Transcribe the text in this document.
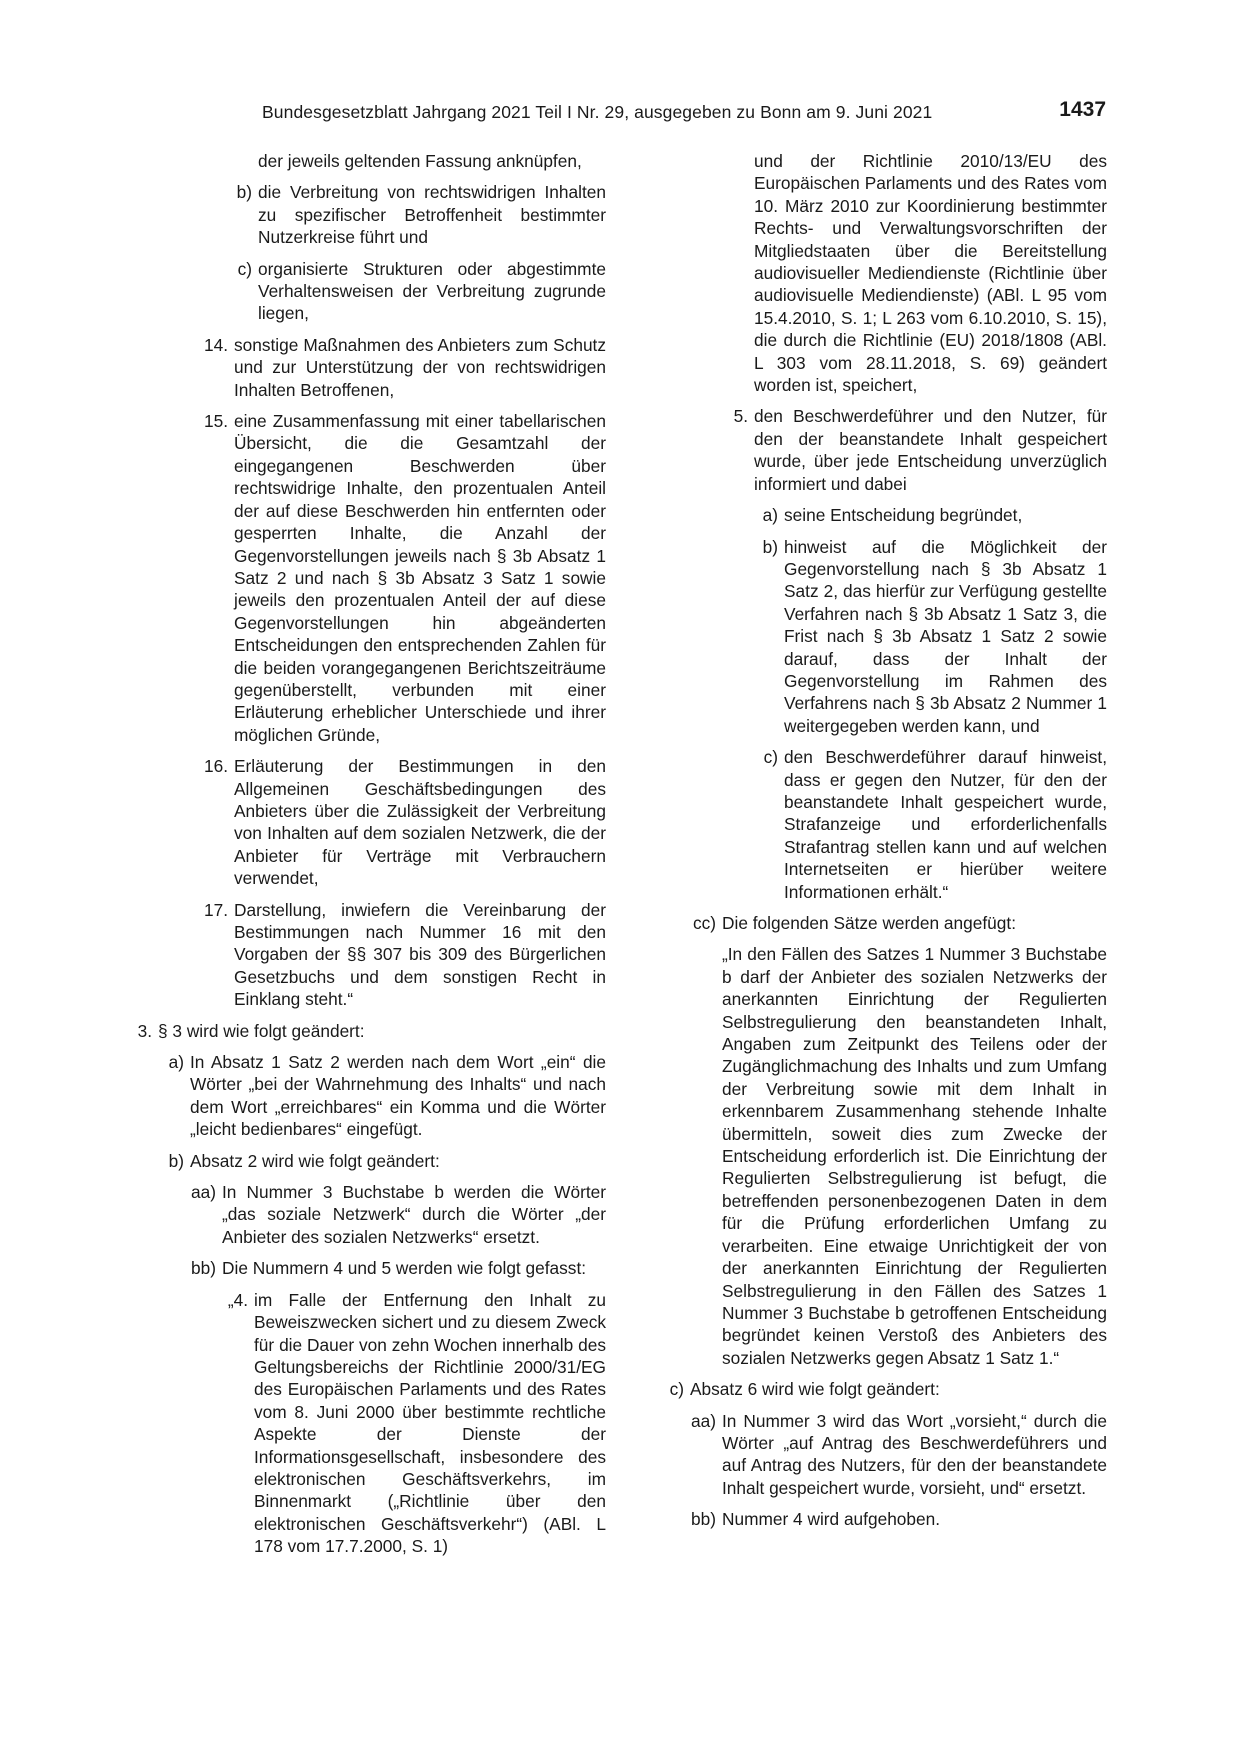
Bundesgesetzblatt Jahrgang 2021 Teil I Nr. 29, ausgegeben zu Bonn am 9. Juni 2021	1437
der jeweils geltenden Fassung anknüpfen,
b) die Verbreitung von rechtswidrigen Inhalten zu spezifischer Betroffenheit bestimmter Nutzerkreise führt und
c) organisierte Strukturen oder abgestimmte Verhaltensweisen der Verbreitung zugrunde liegen,
14. sonstige Maßnahmen des Anbieters zum Schutz und zur Unterstützung der von rechtswidrigen Inhalten Betroffenen,
15. eine Zusammenfassung mit einer tabellarischen Übersicht, die die Gesamtzahl der eingegangenen Beschwerden über rechtswidrige Inhalte, den prozentualen Anteil der auf diese Beschwerden hin entfernten oder gesperrten Inhalte, die Anzahl der Gegenvorstellungen jeweils nach § 3b Absatz 1 Satz 2 und nach § 3b Absatz 3 Satz 1 sowie jeweils den prozentualen Anteil der auf diese Gegenvorstellungen hin abgeänderten Entscheidungen den entsprechenden Zahlen für die beiden vorangegangenen Berichtszeiträume gegenüberstellt, verbunden mit einer Erläuterung erheblicher Unterschiede und ihrer möglichen Gründe,
16. Erläuterung der Bestimmungen in den Allgemeinen Geschäftsbedingungen des Anbieters über die Zulässigkeit der Verbreitung von Inhalten auf dem sozialen Netzwerk, die der Anbieter für Verträge mit Verbrauchern verwendet,
17. Darstellung, inwiefern die Vereinbarung der Bestimmungen nach Nummer 16 mit den Vorgaben der §§ 307 bis 309 des Bürgerlichen Gesetzbuchs und dem sonstigen Recht in Einklang steht.“
3. § 3 wird wie folgt geändert:
a) In Absatz 1 Satz 2 werden nach dem Wort „ein“ die Wörter „bei der Wahrnehmung des Inhalts“ und nach dem Wort „erreichbares“ ein Komma und die Wörter „leicht bedienbares“ eingefügt.
b) Absatz 2 wird wie folgt geändert:
aa) In Nummer 3 Buchstabe b werden die Wörter „das soziale Netzwerk“ durch die Wörter „der Anbieter des sozialen Netzwerks“ ersetzt.
bb) Die Nummern 4 und 5 werden wie folgt gefasst:
„4. im Falle der Entfernung den Inhalt zu Beweiszwecken sichert und zu diesem Zweck für die Dauer von zehn Wochen innerhalb des Geltungsbereichs der Richtlinie 2000/31/EG des Europäischen Parlaments und des Rates vom 8. Juni 2000 über bestimmte rechtliche Aspekte der Dienste der Informationsgesellschaft, insbesondere des elektronischen Geschäftsverkehrs, im Binnenmarkt („Richtlinie über den elektronischen Geschäftsverkehr“) (ABl. L 178 vom 17.7.2000, S. 1)
und der Richtlinie 2010/13/EU des Europäischen Parlaments und des Rates vom 10. März 2010 zur Koordinierung bestimmter Rechts- und Verwaltungsvorschriften der Mitgliedstaaten über die Bereitstellung audiovisueller Mediendienste (Richtlinie über audiovisuelle Mediendienste) (ABl. L 95 vom 15.4.2010, S. 1; L 263 vom 6.10.2010, S. 15), die durch die Richtlinie (EU) 2018/1808 (ABl. L 303 vom 28.11.2018, S. 69) geändert worden ist, speichert,
5. den Beschwerdeführer und den Nutzer, für den der beanstandete Inhalt gespeichert wurde, über jede Entscheidung unverzüglich informiert und dabei
a) seine Entscheidung begründet,
b) hinweist auf die Möglichkeit der Gegenvorstellung nach § 3b Absatz 1 Satz 2, das hierfür zur Verfügung gestellte Verfahren nach § 3b Absatz 1 Satz 3, die Frist nach § 3b Absatz 1 Satz 2 sowie darauf, dass der Inhalt der Gegenvorstellung im Rahmen des Verfahrens nach § 3b Absatz 2 Nummer 1 weitergegeben werden kann, und
c) den Beschwerdeführer darauf hinweist, dass er gegen den Nutzer, für den der beanstandete Inhalt gespeichert wurde, Strafanzeige und erforderlichenfalls Strafantrag stellen kann und auf welchen Internetseiten er hierüber weitere Informationen erhält.“
cc) Die folgenden Sätze werden angefügt:
„In den Fällen des Satzes 1 Nummer 3 Buchstabe b darf der Anbieter des sozialen Netzwerks der anerkannten Einrichtung der Regulierten Selbstregulierung den beanstandeten Inhalt, Angaben zum Zeitpunkt des Teilens oder der Zugänglichmachung des Inhalts und zum Umfang der Verbreitung sowie mit dem Inhalt in erkennbarem Zusammenhang stehende Inhalte übermitteln, soweit dies zum Zwecke der Entscheidung erforderlich ist. Die Einrichtung der Regulierten Selbstregulierung ist befugt, die betreffenden personenbezogenen Daten in dem für die Prüfung erforderlichen Umfang zu verarbeiten. Eine etwaige Unrichtigkeit der von der anerkannten Einrichtung der Regulierten Selbstregulierung in den Fällen des Satzes 1 Nummer 3 Buchstabe b getroffenen Entscheidung begründet keinen Verstoß des Anbieters des sozialen Netzwerks gegen Absatz 1 Satz 1.“
c) Absatz 6 wird wie folgt geändert:
aa) In Nummer 3 wird das Wort „vorsieht,“ durch die Wörter „auf Antrag des Beschwerdeführers und auf Antrag des Nutzers, für den der beanstandete Inhalt gespeichert wurde, vorsieht, und“ ersetzt.
bb) Nummer 4 wird aufgehoben.
